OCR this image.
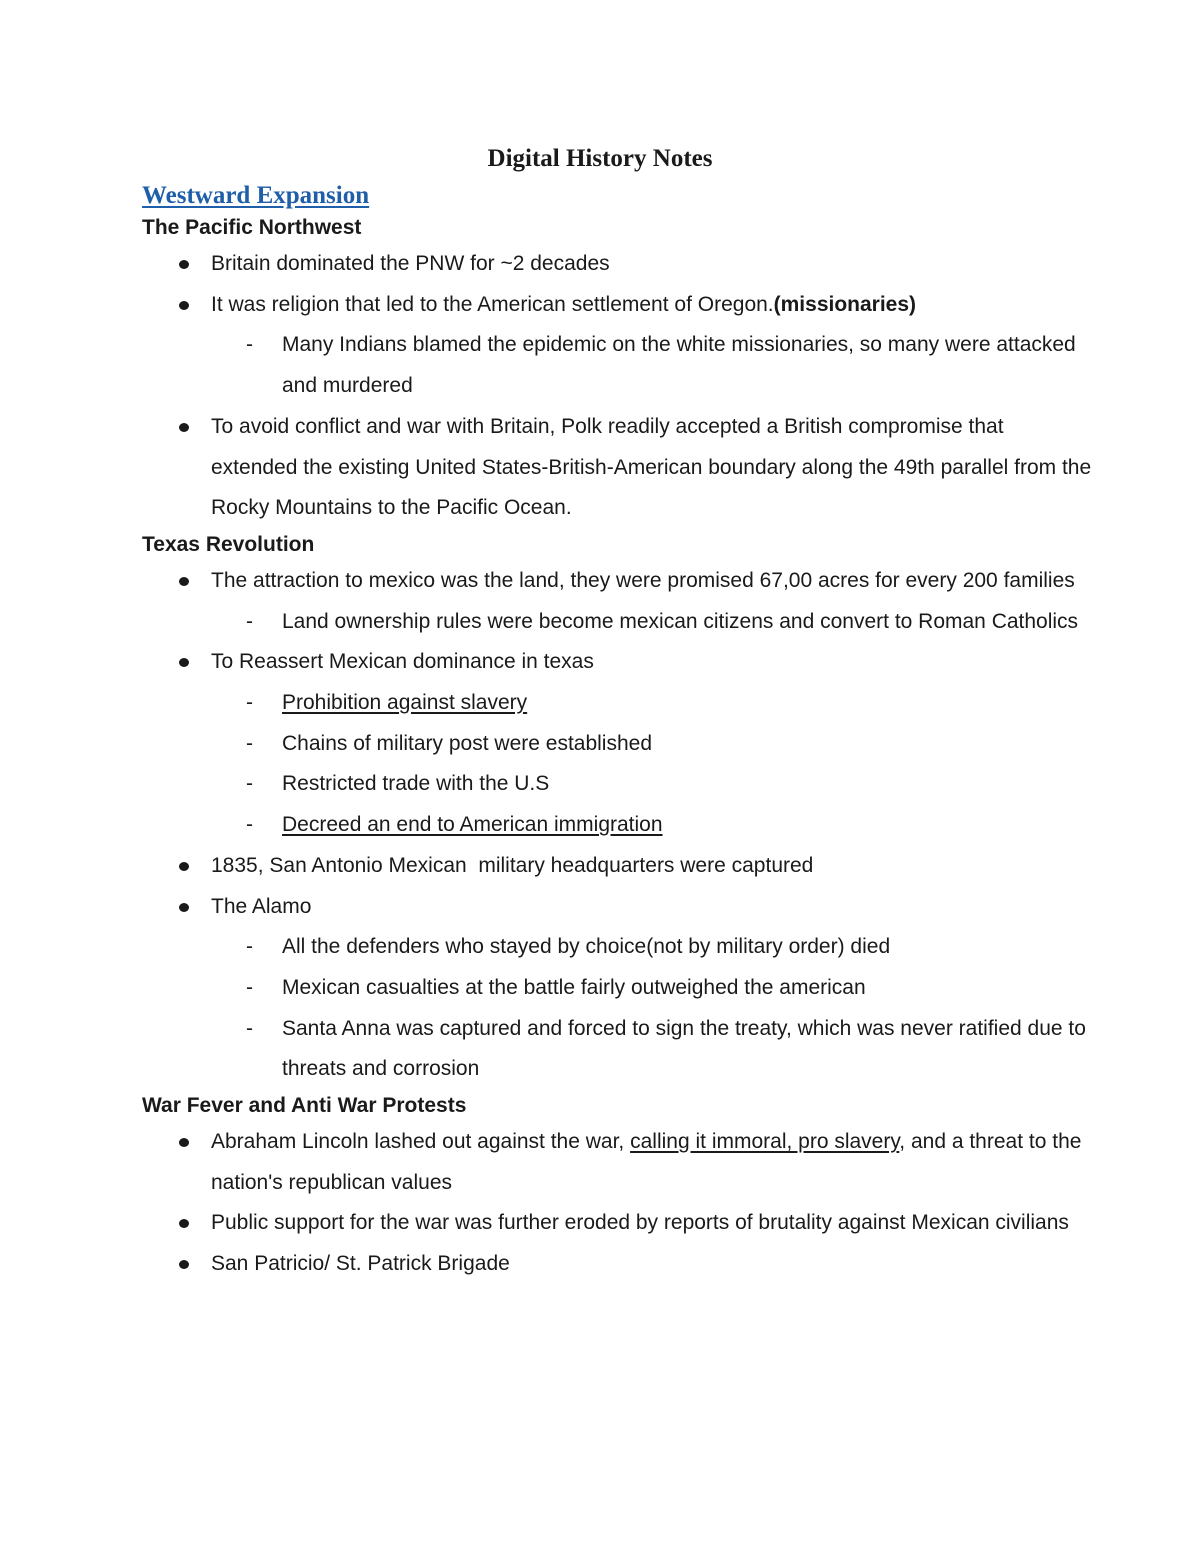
Digital History Notes
Westward Expansion
The Pacific Northwest

Britain dominated the PNW for ~2 decades

It was religion that led to the American settlement of Oregon.(missionaries)

- Many Indians blamed the epidemic on the white missionaries, so many were attacked and murdered

To avoid conflict and war with Britain, Polk readily accepted a British compromise that extended the existing United States-British-American boundary along the 49th parallel from the Rocky Mountains to the Pacific Ocean.

Texas Revolution

The attraction to mexico was the land, they were promised 67,00 acres for every 200 families

- Land ownership rules were become mexican citizens and convert to Roman Catholics

To Reassert Mexican dominance in texas

- Prohibition against slavery

- Chains of military post were established

- Restricted trade with the U.S

- Decreed an end to American immigration

1835, San Antonio Mexican  military headquarters were captured

The Alamo

- All the defenders who stayed by choice(not by military order) died

- Mexican casualties at the battle fairly outweighed the american

- Santa Anna was captured and forced to sign the treaty, which was never ratified due to threats and corrosion

War Fever and Anti War Protests

Abraham Lincoln lashed out against the war, calling it immoral, pro slavery, and a threat to the nation's republican values

Public support for the war was further eroded by reports of brutality against Mexican civilians

San Patricio/ St. Patrick Brigade
